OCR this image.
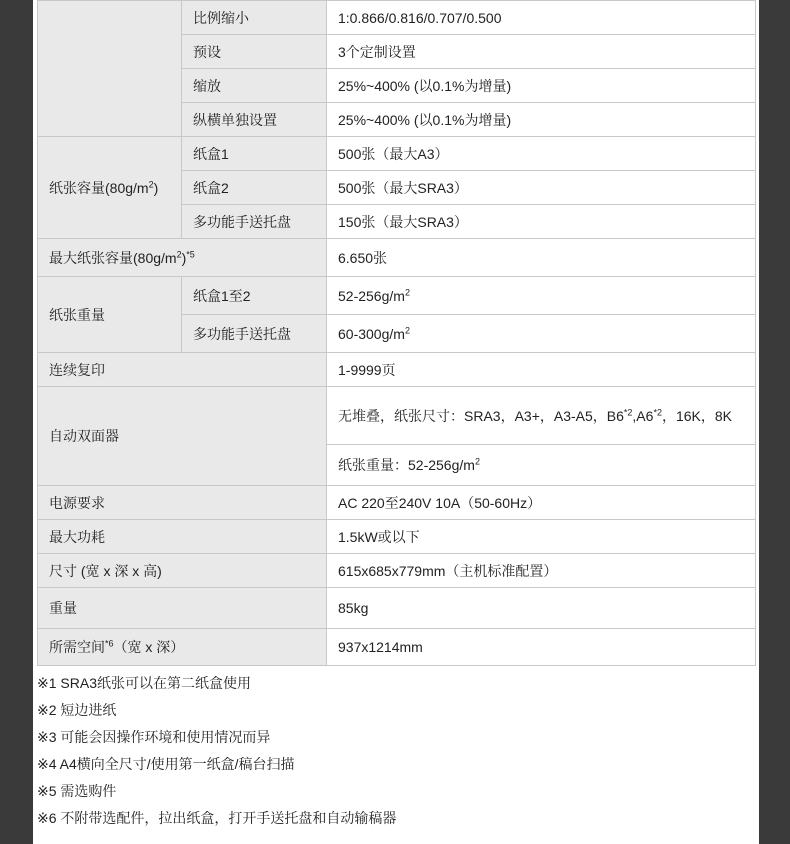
	比例缩小	1:0.866/0.816/0.707/0.500
	预设	3个定制设置
	缩放	25%~400% (以0.1%为增量)
	纵横单独设置	25%~400% (以0.1%为增量)
纸张容量$(80g/m^2)$	纸盒1	500张（最大A3）
	纸盒2	500张（最大SRA3）
	多功能手送托盘	150张（最大SRA3）
最大纸张容量$(80g/m^2)^{*5}$		6.650张
纸张重量	纸盒1至2	$52-256g/m^2$
	多功能手送托盘	$60-300g/m^2$
连续复印		1-9999页
自动双面器		无堆叠，纸张尺寸：SRA3，A3+，A3-A5，B6$^{*2}$,A6$^{*2}$，16K，8K
		纸张重量：$52-256g/m^2$
电源要求		AC 220至240V 10A（50-60Hz）
最大功耗		1.5kW或以下
尺寸 (宽 x 深 x 高)		615x685x779mm（主机标准配置）
重量		85kg
所需空间$^{*6}$（宽 x 深）		937x1214mm
※1 SRA3纸张可以在第二纸盒使用
※2 短边进纸
※3 可能会因操作环境和使用情况而异
※4 A4横向全尺寸/使用第一纸盒/稿台扫描
※5 需选购件
※6 不附带选配件，拉出纸盒，打开手送托盘和自动输稿器
